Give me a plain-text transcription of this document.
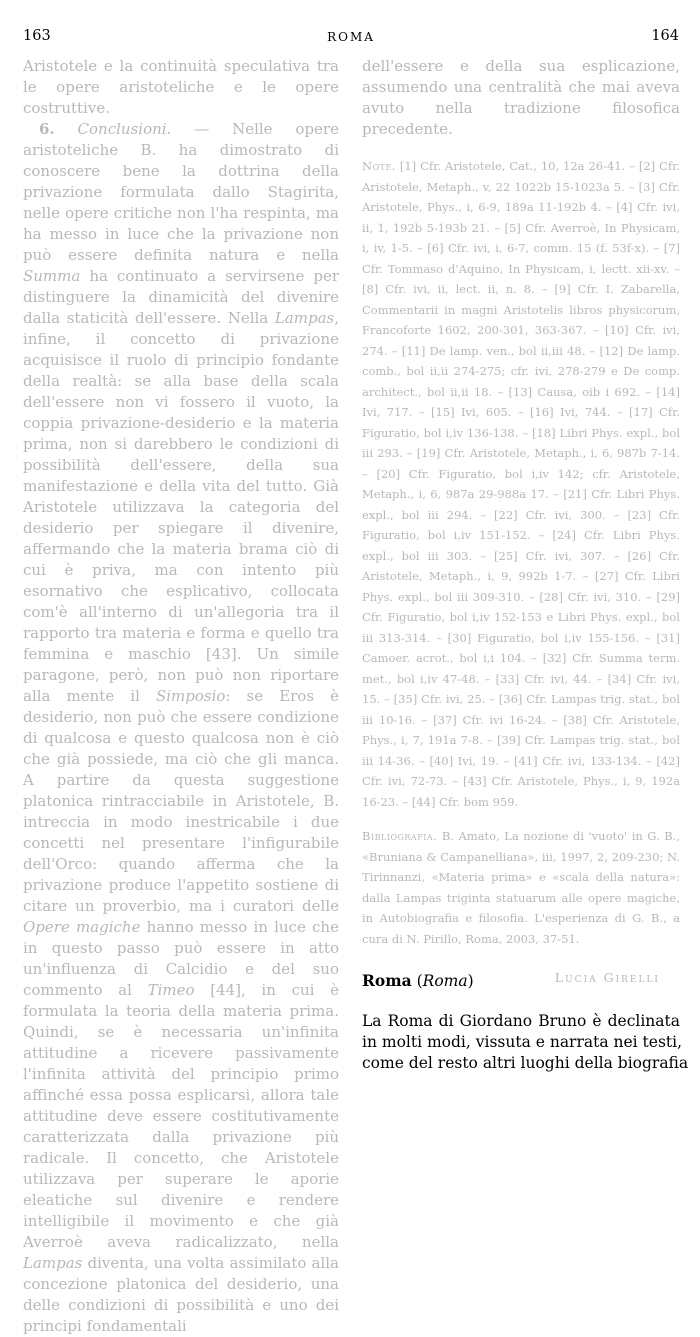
163	ROMA	164

Aristotele e la continuità speculativa tra le opere aristoteliche e le opere costruttive.

6. Conclusioni. — Nelle opere aristoteliche B. ha dimostrato di conoscere bene la dottrina della privazione formulata dallo Stagirita, nelle opere critiche non l'ha respinta, ma ha messo in luce che la privazione non può essere definita natura e nella Summa ha continuato a servirsene per distinguere la dinamicità del divenire dalla staticità dell'essere. Nella Lampas, infine, il concetto di privazione acquisisce il ruolo di principio fondante della realtà: se alla base della scala dell'essere non vi fossero il vuoto, la coppia privazione-desiderio e la materia prima, non si darebbero le condizioni di possibilità dell'essere, della sua manifestazione e della vita del tutto. Già Aristotele utilizzava la categoria del desiderio per spiegare il divenire, affermando che la materia brama ciò di cui è priva, ma con intento più esornativo che esplicativo, collocata com'è all'interno di un'allegoria tra il rapporto tra materia e forma e quello tra femmina e maschio [43]. Un simile paragone, però, non può non riportare alla mente il Simposio: se Eros è desiderio, non può che essere condizione di qualcosa e questo qualcosa non è ciò che già possiede, ma ciò che gli manca. A partire da questa suggestione platonica rintracciabile in Aristotele, B. intreccia in modo inestricabile i due concetti nel presentare l'infigurabile dell'Orco: quando afferma che la privazione produce l'appetito sostiene di citare un proverbio, ma i curatori delle Opere magiche hanno messo in luce che in questo passo può essere in atto un'influenza di Calcidio e del suo commento al Timeo [44], in cui è formulata la teoria della materia prima. Quindi, se è necessaria un'infinita attitudine a ricevere passivamente l'infinita attività del principio primo affinché essa possa esplicarsi, allora tale attitudine deve essere costitutivamente caratterizzata dalla privazione più radicale. Il concetto, che Aristotele utilizzava per superare le aporie eleatiche sul divenire e rendere intelligibile il movimento e che già Averroè aveva radicalizzato, nella Lampas diventa, una volta assimilato alla concezione platonica del desiderio, una delle condizioni di possibilità e uno dei principi fondamentali

dell'essere e della sua esplicazione, assumendo una centralità che mai aveva avuto nella tradizione filosofica precedente.

Note. [1] Cfr. Aristotele, Cat., 10, 12a 26-41. – [2] Cfr. Aristotele, Metaph., v, 22 1022b 15-1023a 5. – [3] Cfr. Aristotele, Phys., i, 6-9, 189a 11-192b 4. – [4] Cfr. ivi, ii, 1, 192b 5-193b 21. – [5] Cfr. Averroè, In Physicam, i, iv, 1-5. – [6] Cfr. ivi, i, 6-7, comm. 15 (f. 53f-x). – [7] Cfr. Tommaso d'Aquino, In Physicam, i, lectt. xii-xv. – [8] Cfr. ivi, ii, lect. ii, n. 8. – [9] Cfr. I. Zabarella, Commentarii in magni Aristotelis libros physicorum, Francoforte 1602, 200-301, 363-367. – [10] Cfr. ivi, 274. – [11] De lamp. ven., bol ii,iii 48. – [12] De lamp. comb., bol ii,ii 274-275; cfr. ivi, 278-279 e De comp. architect., bol ii,ii 18. – [13] Causa, oib i 692. – [14] Ivi, 717. – [15] Ivi, 605. – [16] Ivi, 744. – [17] Cfr. Figuratio, bol i,iv 136-138. – [18] Libri Phys. expl., bol iii 293. – [19] Cfr. Aristotele, Metaph., i, 6, 987b 7-14. – [20] Cfr. Figuratio, bol i,iv 142; cfr. Aristotele, Metaph., i, 6, 987a 29-988a 17. – [21] Cfr. Libri Phys. expl., bol iii 294. – [22] Cfr. ivi, 300. – [23] Cfr. Figuratio, bol i,iv 151-152. – [24] Cfr. Libri Phys. expl., bol iii 303. – [25] Cfr. ivi, 307. – [26] Cfr. Aristotele, Metaph., i, 9, 992b 1-7. – [27] Cfr. Libri Phys. expl., bol iii 309-310. – [28] Cfr. ivi, 310. – [29] Cfr. Figuratio, bol i,iv 152-153 e Libri Phys. expl., bol iii 313-314. – [30] Figuratio, bol i,iv 155-156. – [31] Camoer. acrot., bol i,i 104. – [32] Cfr. Summa term. met., bol i,iv 47-48. – [33] Cfr. ivi, 44. – [34] Cfr. ivi, 15. – [35] Cfr. ivi, 25. – [36] Cfr. Lampas trig. stat., bol iii 10-16. – [37] Cfr. ivi 16-24. – [38] Cfr. Aristotele, Phys., i, 7, 191a 7-8. – [39] Cfr. Lampas trig. stat., bol iii 14-36. – [40] Ivi, 19. – [41] Cfr. ivi, 133-134. – [42] Cfr. ivi, 72-73. – [43] Cfr. Aristotele, Phys., i, 9, 192a 16-23. – [44] Cfr. bom 959.

Bibliografia. B. Amato, La nozione di 'vuoto' in G. B., «Bruniana & Campanelliana», iii, 1997, 2, 209-230; N. Tirinnanzi, «Materia prima» e «scala della natura»: dalla Lampas triginta statuarum alle opere magiche, in Autobiografia e filosofia. L'esperienza di G. B., a cura di N. Pirillo, Roma, 2003, 37-51.

Lucia Girelli

Roma (Roma)
La Roma di Giordano Bruno è declinata
in molti modi, vissuta e narrata nei testi,
come del resto altri luoghi della biografia
